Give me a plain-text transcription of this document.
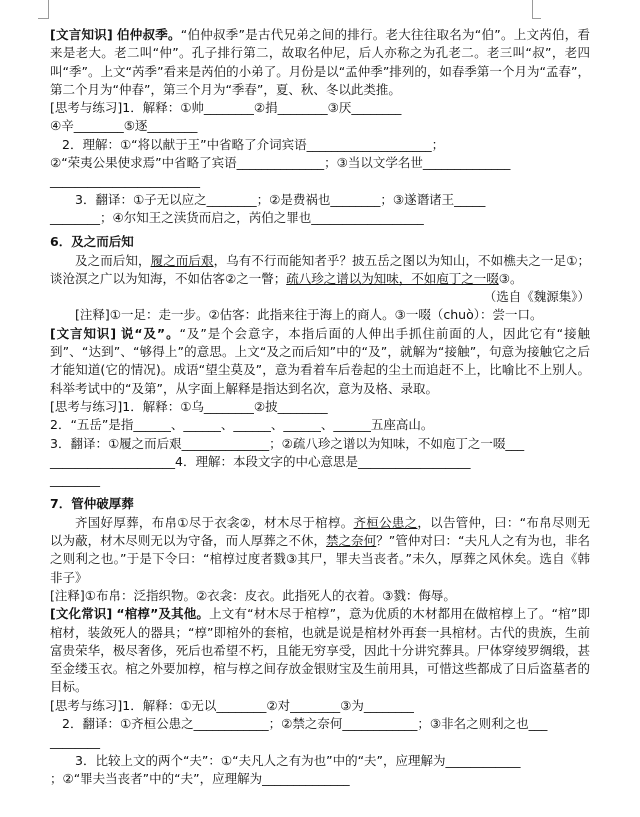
[文言知识] 伯仲叔季。“伯仲叔季”是古代兄弟之间的排行。老大往往取名为“伯”。上文芮伯，看来是老大。老二叫“仲”。孔子排行第二，故取名仲尼，后人亦称之为孔老二。老三叫“叔”，老四叫“季”。上文“芮季”看来是芮伯的小弟了。月份是以“孟仲季”排列的，如春季第一个月为“孟春”，第二个月为“仲春”，第三个月为“季春”，夏、秋、冬以此类推。

[思考与练习]1．解释：①帅________②捐________③厌________

④辛________⑤逐________

2．理解：①“将以献于王”中省略了介词宾语____________________；

②“荣夷公果使求焉”中省略了宾语______________；③当以文学名世______________

________________________

3．翻译：①子无以应之________；②是费祸也________；③遂谮诸王_____

________；④尔知王之渎货而启之，芮伯之罪也__________________

6．及之而后知

及之而后知，履之而后艰，乌有不行而能知者乎？披五岳之图以为知山，不如樵夫之一足①；谈沧溟之广以为知海，不如估客②之一瞥；疏八珍之谱以为知味，不如庖丁之一啜③。

（选自《魏源集》）

[注释]①一足：走一步。②估客：此指来往于海上的商人。③一啜（chuò）：尝一口。

[文言知识] 说“及”。“及”是个会意字，本指后面的人伸出手抓住前面的人，因此它有“接触到”、“达到”、“够得上”的意思。上文“及之而后知”中的“及”，就解为“接触”，句意为接触它之后才能知道(它的情况)。成语“望尘莫及”，意为看着车后卷起的尘土而追赶不上，比喻比不上别人。科举考试中的“及第”，从字面上解释是指达到名次，意为及格、录取。

[思考与练习]1．解释：①乌________②披________

2．“五岳”是指______、______、______、______、______五座高山。

3．翻译：①履之而后艰______________；②疏八珍之谱以为知味，不如庖丁之一啜___

____________________4．理解：本段文字的中心意思是__________________

________

7．管仲破厚葬

齐国好厚葬，布帛①尽于衣衾②，材木尽于棺椁。齐桓公患之，以告管仲，曰：“布帛尽则无以为蔽，材木尽则无以为守备，而人厚葬之不休，禁之奈何？”管仲对曰：“夫凡人之有为也，非名之则利之也。”于是下令曰：“棺椁过度者戮③其尸，罪夫当丧者。”未久，厚葬之风休矣。选自《韩非子》

[注释]①布帛：泛指织物。②衣衾：皮衣。此指死人的衣着。③戮：侮辱。

[文化常识] “棺椁”及其他。上文有“材木尽于棺椁”，意为优质的木材都用在做棺椁上了。“棺”即棺材，装敛死人的器具；“椁”即棺外的套棺，也就是说是棺材外再套一具棺材。古代的贵族，生前富贵荣华，极尽奢侈，死后也希望不朽，且能无穷享受，因此十分讲究葬具。尸体穿绫罗绸缎，甚至金缕玉衣。棺之外要加椁，棺与椁之间存放金银财宝及生前用具，可惜这些都成了日后盗墓者的目标。

[思考与练习]1．解释：①无以________②对________③为________

2．翻译：①齐桓公患之____________；②禁之奈何____________；③非名之则利之也___

________

3．比较上文的两个“夫”：①“夫凡人之有为也”中的“夫”，应理解为____________

；②“罪夫当丧者”中的“夫”，应理解为______________
